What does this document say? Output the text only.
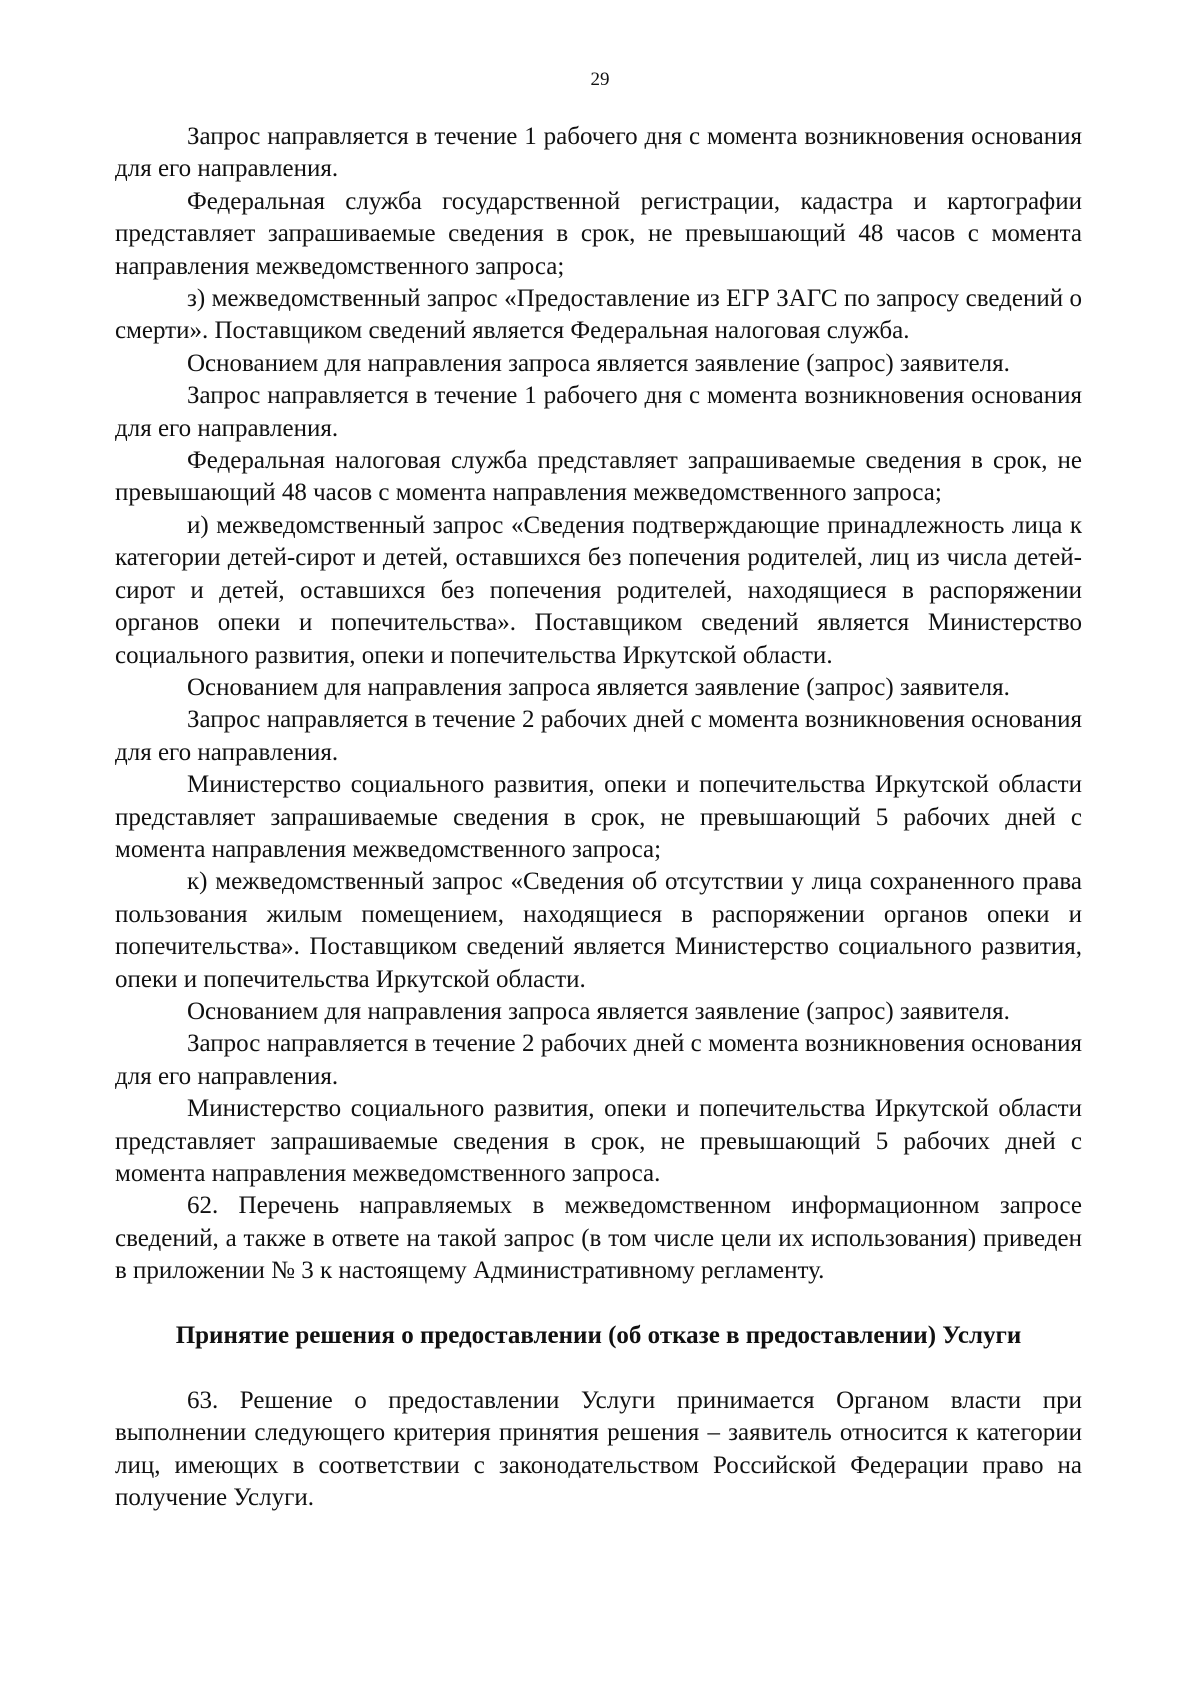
29

Запрос направляется в течение 1 рабочего дня с момента возникновения основания для его направления.

Федеральная служба государственной регистрации, кадастра и картографии представляет запрашиваемые сведения в срок, не превышающий 48 часов с момента направления межведомственного запроса;

з) межведомственный запрос «Предоставление из ЕГР ЗАГС по запросу сведений о смерти». Поставщиком сведений является Федеральная налоговая служба.

Основанием для направления запроса является заявление (запрос) заявителя.

Запрос направляется в течение 1 рабочего дня с момента возникновения основания для его направления.

Федеральная налоговая служба представляет запрашиваемые сведения в срок, не превышающий 48 часов с момента направления межведомственного запроса;

и) межведомственный запрос «Сведения подтверждающие принадлежность лица к категории детей-сирот и детей, оставшихся без попечения родителей, лиц из числа детей-сирот и детей, оставшихся без попечения родителей, находящиеся в распоряжении органов опеки и попечительства». Поставщиком сведений является Министерство социального развития, опеки и попечительства Иркутской области.

Основанием для направления запроса является заявление (запрос) заявителя.

Запрос направляется в течение 2 рабочих дней с момента возникновения основания для его направления.

Министерство социального развития, опеки и попечительства Иркутской области представляет запрашиваемые сведения в срок, не превышающий 5 рабочих дней с момента направления межведомственного запроса;

к) межведомственный запрос «Сведения об отсутствии у лица сохраненного права пользования жилым помещением, находящиеся в распоряжении органов опеки и попечительства». Поставщиком сведений является Министерство социального развития, опеки и попечительства Иркутской области.

Основанием для направления запроса является заявление (запрос) заявителя.

Запрос направляется в течение 2 рабочих дней с момента возникновения основания для его направления.

Министерство социального развития, опеки и попечительства Иркутской области представляет запрашиваемые сведения в срок, не превышающий 5 рабочих дней с момента направления межведомственного запроса.

62. Перечень направляемых в межведомственном информационном запросе сведений, а также в ответе на такой запрос (в том числе цели их использования) приведен в приложении № 3 к настоящему Административному регламенту.

Принятие решения о предоставлении (об отказе в предоставлении) Услуги

63. Решение о предоставлении Услуги принимается Органом власти при выполнении следующего критерия принятия решения – заявитель относится к категории лиц, имеющих в соответствии с законодательством Российской Федерации право на получение Услуги.
